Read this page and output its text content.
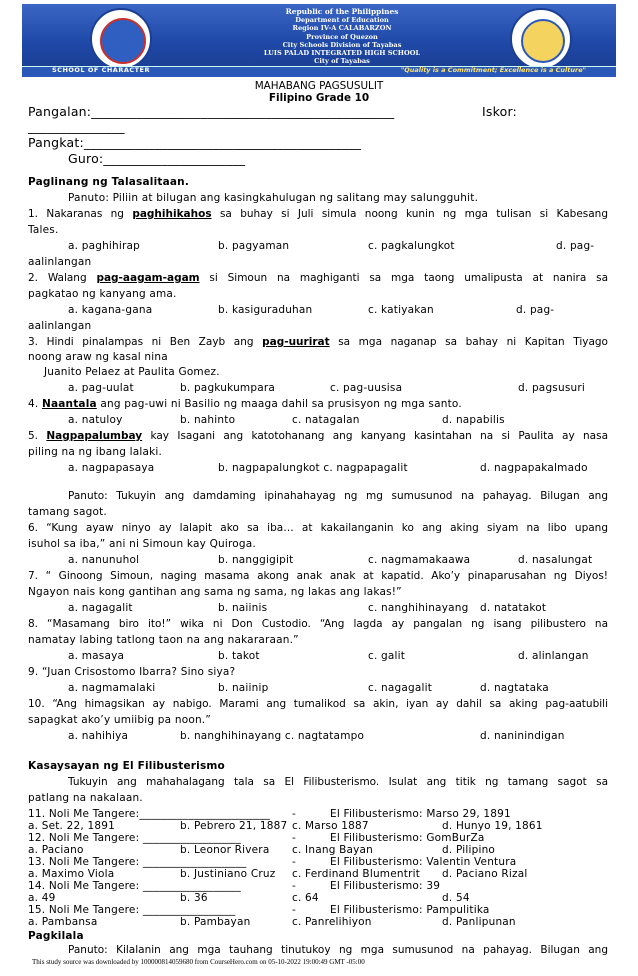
Republic of the Philippines
Department of Education
Region IV-A CALABARZON
Province of Quezon
City Schools Division of Tayabas
LUIS PALAD INTEGRATED HIGH SCHOOL
City of Tayabas
SCHOOL OF CHARACTER	"Quality is a Commitment; Excellence is a Culture"
MAHABANG PAGSUSULIT
Filipino Grade 10
Pangalan:_______________________________________________	Iskor:
_______________
Pangkat:___________________________________________
Guro:______________________
Paglinang ng Talasalitaan.
Panuto: Piliin at bilugan ang kasingkahulugan ng salitang may salungguhit.
1. Nakaranas ng paghihikahos sa buhay si Juli simula noong kunin ng mga tulisan si Kabesang
Tales.
a. paghihirap	b. pagyaman	c. pagkalungkot	d. pag-
aalinlangan
2. Walang pag-aagam-agam si Simoun na maghiganti sa mga taong umalipusta at nanira sa
pagkatao ng kanyang ama.
a. kagana-gana	b. kasiguraduhan	c. katiyakan	d. pag-
aalinlangan
3. Hindi pinalampas ni Ben Zayb ang pag-uurirat sa mga naganap sa bahay ni Kapitan Tiyago
noong araw ng kasal nina
Juanito Pelaez at Paulita Gomez.
a. pag-uulat	b. pagkukumpara	c. pag-uusisa	d. pagsusuri
4. Naantala ang pag-uwi ni Basilio ng maaga dahil sa prusisyon ng mga santo.
a. natuloy	b. nahinto	c. natagalan	d. napabilis
5. Nagpapalumbay kay Isagani ang katotohanang ang kanyang kasintahan na si Paulita ay nasa
piling na ng ibang lalaki.
a. nagpapasaya	b. nagpapalungkot c. nagpapagalit	d. nagpapakalmado
Panuto: Tukuyin ang damdaming ipinahahayag ng mg sumusunod na pahayag. Bilugan ang
tamang sagot.
6. “Kung ayaw ninyo ay lalapit ako sa iba… at kakailanganin ko ang aking siyam na libo upang
isuhol sa iba,” ani ni Simoun kay Quiroga.
a. nanunuhol	b. nanggigipit	c. nagmamakaawa	d. nasalungat
7. “ Ginoong Simoun, naging masama akong anak anak at kapatid. Ako’y pinaparusahan ng Diyos!
Ngayon nais kong gantihan ang sama ng sama, ng lakas ang lakas!”
a. nagagalit	b. naiinis	c. nanghihinayang d. natatakot
8. “Masamang biro ito!” wika ni Don Custodio. “Ang lagda ay pangalan ng isang pilibustero na
namatay labing tatlong taon na ang nakararaan.”
a. masaya	b. takot	c. galit	d. alinlangan
9. “Juan Crisostomo Ibarra? Sino siya?
a. nagmamalaki	b. naiinip	c. nagagalit	d. nagtataka
10. “Ang himagsikan ay nabigo. Marami ang tumalikod sa akin, iyan ay dahil sa aking pag-aatubili
sapagkat ako’y umiibig pa noon.”
a. nahihiya	b. nanghihinayang c. nagtatampo	d. naninindigan
Kasaysayan ng El Filibusterismo
Tukuyin ang mahahalagang tala sa El Filibusterismo. Isulat ang titik ng tamang sagot sa
patlang na nakalaan.
11. Noli Me Tangere:________________________ -	El Filibusterismo: Marso 29, 1891
a. Set. 22, 1891	b. Pebrero 21, 1887 c. Marso 1887	d. Hunyo 19, 1861
12. Noli Me Tangere: __________________	-	El Filibusterismo: GomBurZa
a. Paciano	b. Leonor Rivera c. Inang Bayan	d. Pilipino
13. Noli Me Tangere: ___________________	-	El Filibusterismo: Valentin Ventura
a. Maximo Viola	b. Justiniano Cruz c. Ferdinand Blumentrit d. Paciano Rizal
14. Noli Me Tangere: __________________	-	El Filibusterismo: 39
a. 49	b. 36	c. 64	d. 54
15. Noli Me Tangere: _________________	-	El Filibusterismo: Pampulitika
a. Pambansa	b. Pambayan	c. Panrelihiyon	d. Panlipunan
Pagkilala
Panuto: Kilalanin ang mga tauhang tinutukoy ng mga sumusunod na pahayag. Bilugan ang
This study source was downloaded by 100000814059680 from CourseHero.com on 05-10-2022 19:00:49 GMT -05:00
